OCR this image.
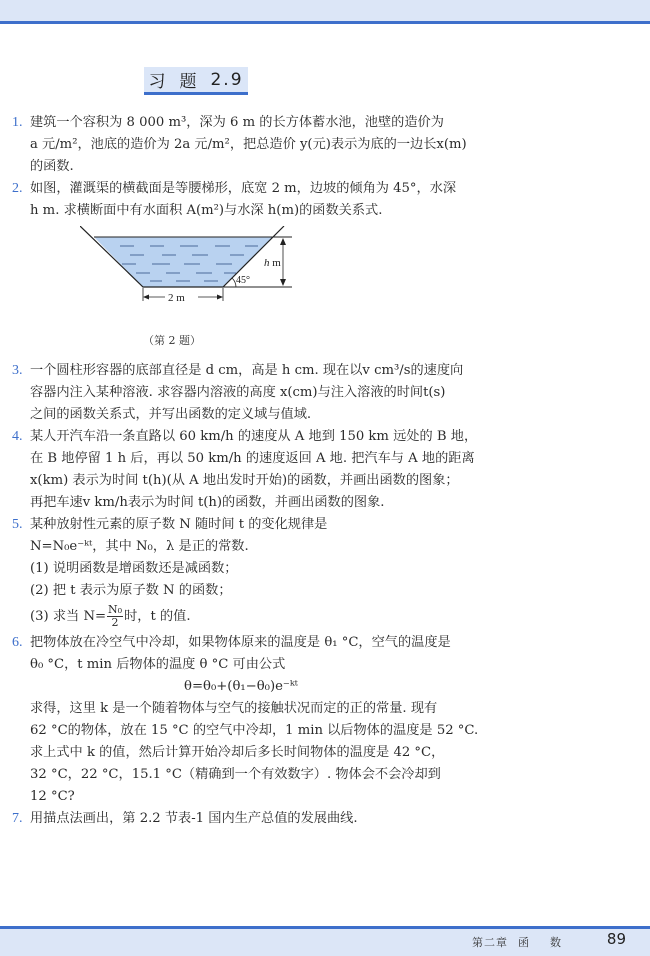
习 题 2.9
1. 建筑一个容积为 8 000 m³，深为 6 m 的长方体蓄水池，池壁的造价为
a 元/m²，池底的造价为 2a 元/m²，把总造价 y(元)表示为底的一边长x(m)
的函数.
2. 如图，灌溉渠的横截面是等腰梯形，底宽 2 m，边坡的倾角为 45°，水深
h m. 求横断面中有水面积 A(m²)与水深 h(m)的函数关系式.
h m
45°
2 m
（第 2 题）
3. 一个圆柱形容器的底部直径是 d cm，高是 h cm. 现在以v cm³/s的速度向
容器内注入某种溶液. 求容器内溶液的高度 x(cm)与注入溶液的时间t(s)
之间的函数关系式，并写出函数的定义域与值域.
4. 某人开汽车沿一条直路以 60 km/h 的速度从 A 地到 150 km 远处的 B 地，
在 B 地停留 1 h 后，再以 50 km/h 的速度返回 A 地. 把汽车与 A 地的距离
x(km) 表示为时间 t(h)(从 A 地出发时开始)的函数，并画出函数的图象；
再把车速v km/h表示为时间 t(h)的函数，并画出函数的图象.
5. 某种放射性元素的原子数 N 随时间 t 的变化规律是
N=N₀e⁻ᵏᵗ，其中 N₀，λ 是正的常数.
(1) 说明函数是增函数还是减函数；
(2) 把 t 表示为原子数 N 的函数；
(3) 求当 $N= \frac{\text{N₀}}{2}$ 时，t 的值.
6. 把物体放在冷空气中冷却，如果物体原来的温度是 θ₁ °C，空气的温度是
θ₀ °C，t min 后物体的温度 θ °C 可由公式
θ=θ₀+(θ₁−θ₀)e⁻ᵏᵗ
求得，这里 k 是一个随着物体与空气的接触状况而定的正的常量. 现有
62 °C的物体，放在 15 °C 的空气中冷却，1 min 以后物体的温度是 52 °C.
求上式中 k 的值，然后计算开始冷却后多长时间物体的温度是 42 °C，
32 °C，22 °C，15.1 °C（精确到一个有效数字）. 物体会不会冷却到
12 °C?
7. 用描点法画出，第 2.2 节表-1 国内生产总值的发展曲线.
第二章 函 数	89
